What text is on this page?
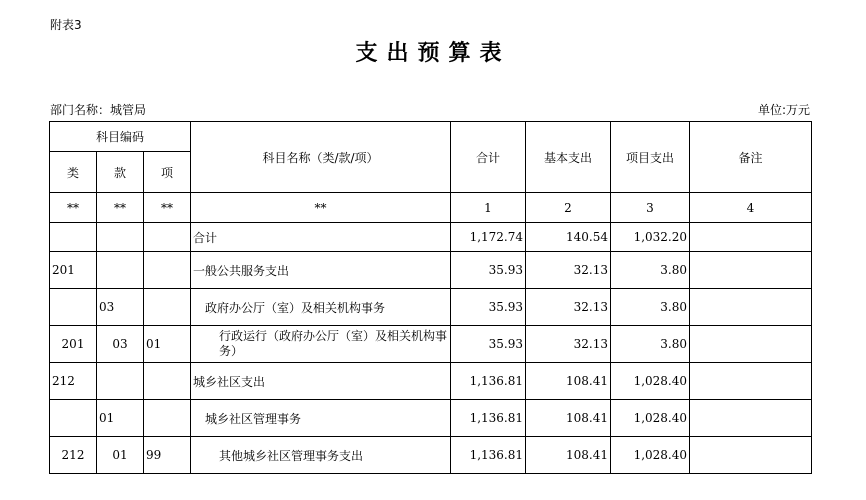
附表3
支出预算表
部门名称：城管局	单位:万元
科目编码			科目名称（类/款/项）	合计	基本支出	项目支出	备注
类	款	项					
**	**	**	**	1	2	3	4
			合计	1,172.74	140.54	1,032.20	
201			一般公共服务支出	35.93	32.13	3.80	
	03		政府办公厅（室）及相关机构事务	35.93	32.13	3.80	
201	03	01	行政运行（政府办公厅（室）及相关机构事务）	35.93	32.13	3.80	
212			城乡社区支出	1,136.81	108.41	1,028.40	
	01		城乡社区管理事务	1,136.81	108.41	1,028.40	
212	01	99	其他城乡社区管理事务支出	1,136.81	108.41	1,028.40	
